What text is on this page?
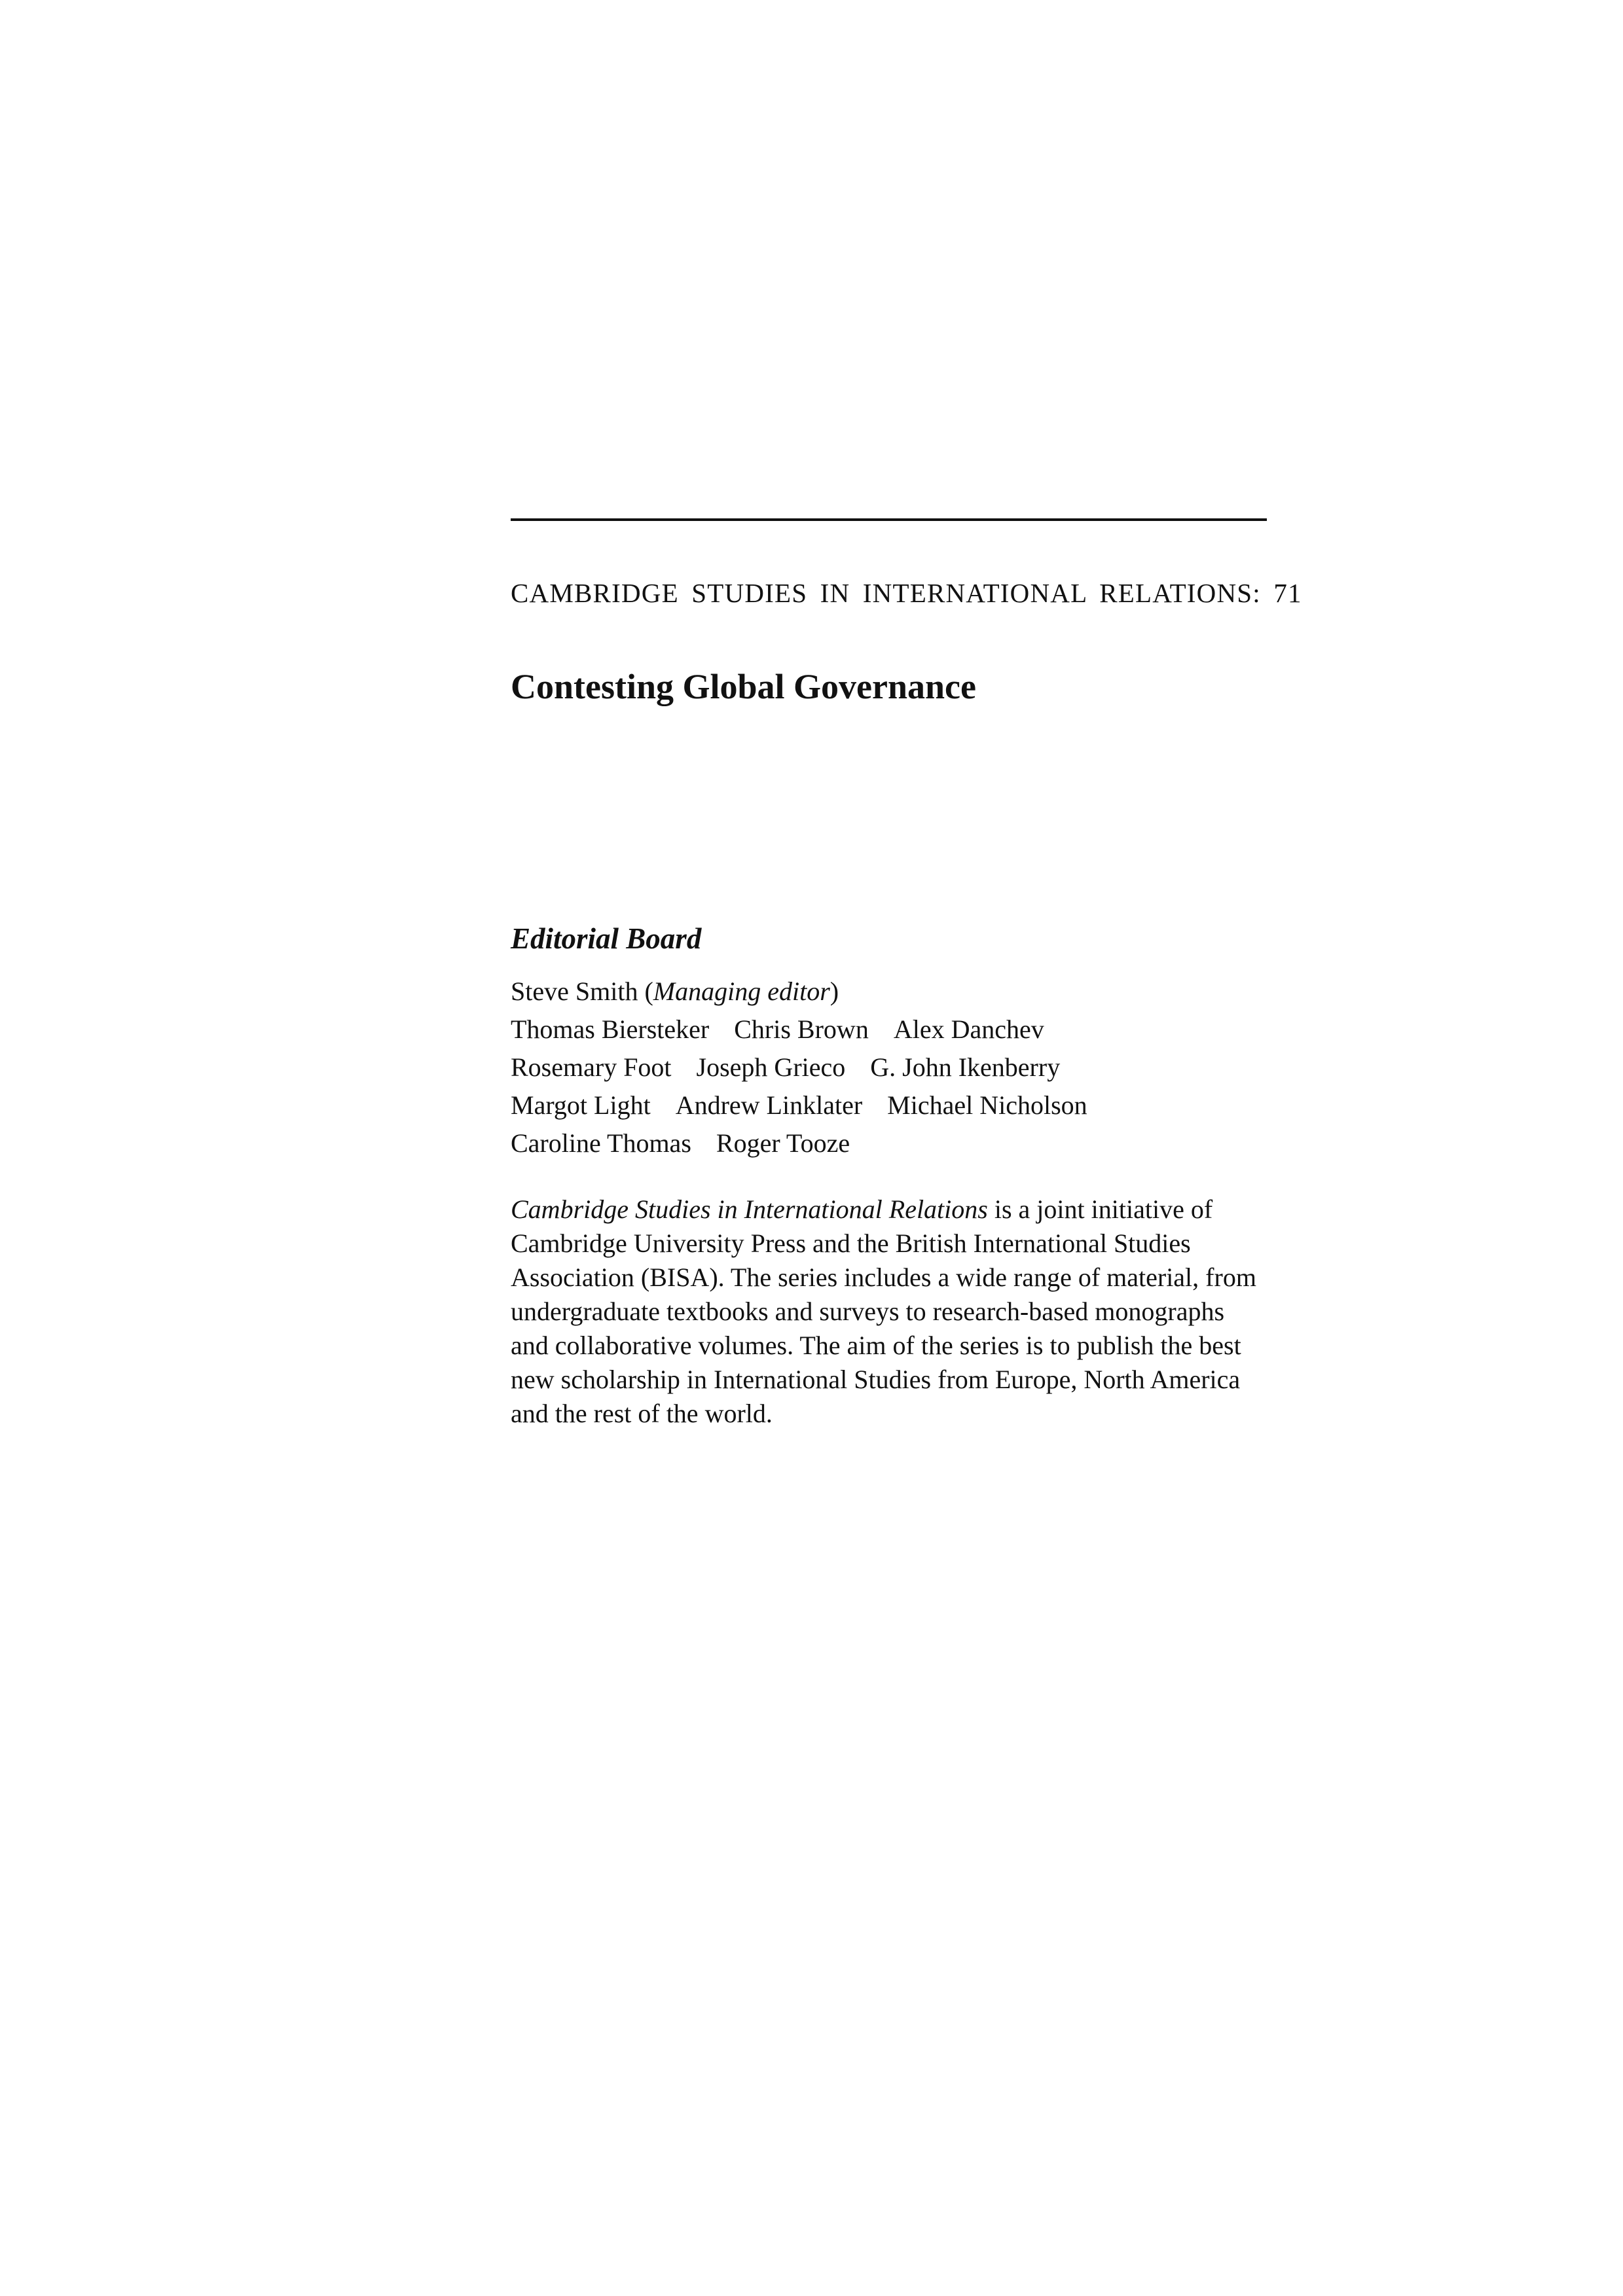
CAMBRIDGE STUDIES IN INTERNATIONAL RELATIONS: 71
Contesting Global Governance
Editorial Board
Steve Smith (Managing editor)
Thomas Biersteker Chris Brown Alex Danchev
Rosemary Foot Joseph Grieco G. John Ikenberry
Margot Light Andrew Linklater Michael Nicholson
Caroline Thomas Roger Tooze
Cambridge Studies in International Relations is a joint initiative of Cambridge University Press and the British International Studies Association (BISA). The series includes a wide range of material, from undergraduate textbooks and surveys to research-based monographs and collaborative volumes. The aim of the series is to publish the best new scholarship in International Studies from Europe, North America and the rest of the world.
